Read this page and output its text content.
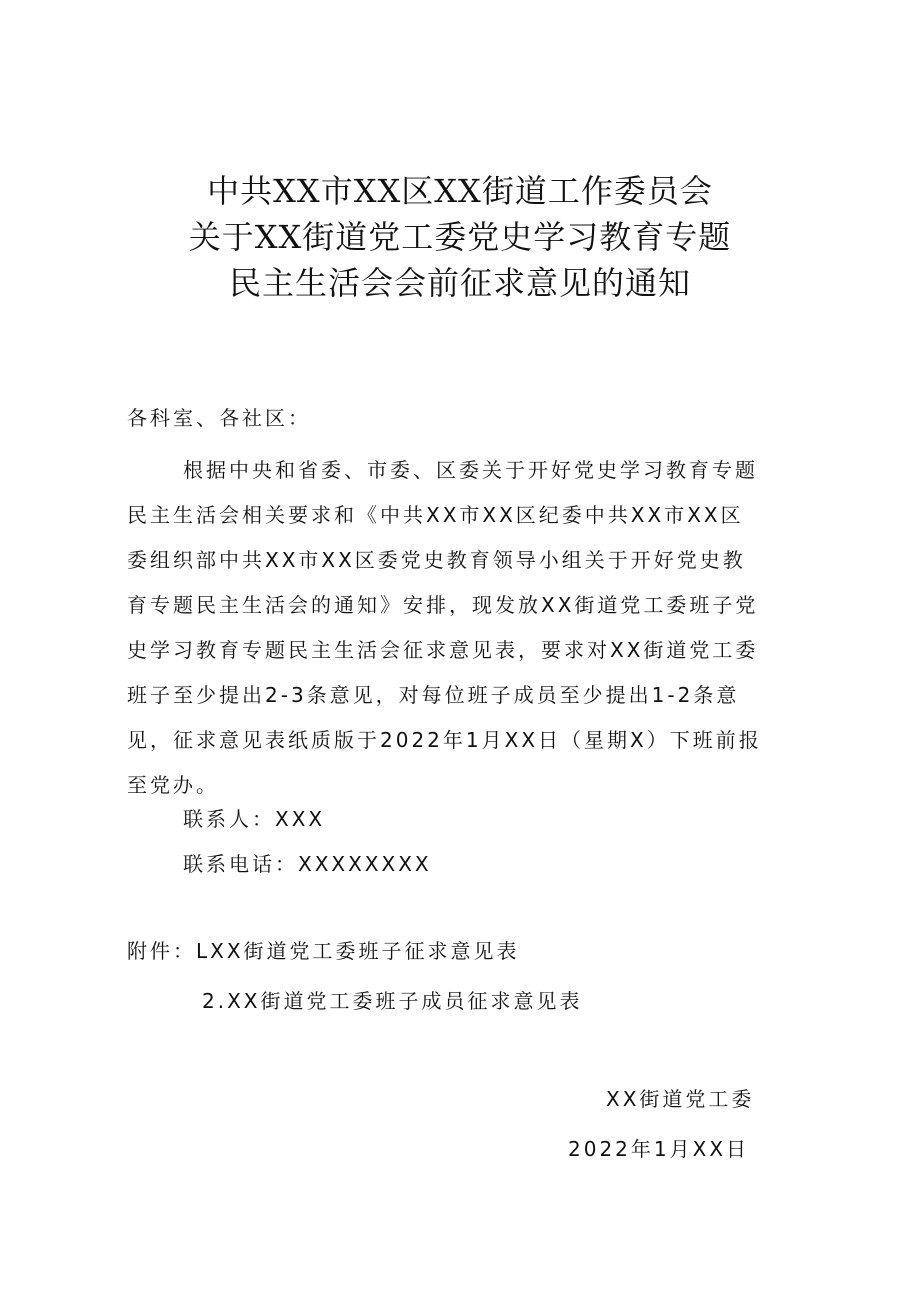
中共XX市XX区XX街道工作委员会
关于XX街道党工委党史学习教育专题
民主生活会会前征求意见的通知
各科室、各社区：
根据中央和省委、市委、区委关于开好党史学习教育专题
民主生活会相关要求和《中共XX市XX区纪委中共XX市XX区
委组织部中共XX市XX区委党史教育领导小组关于开好党史教
育专题民主生活会的通知》安排，现发放XX街道党工委班子党
史学习教育专题民主生活会征求意见表，要求对XX街道党工委
班子至少提出2-3条意见，对每位班子成员至少提出1-2条意
见，征求意见表纸质版于2022年1月XX日（星期X）下班前报
至党办。
联系人：XXX
联系电话：XXXXXXXX
附件：LXX街道党工委班子征求意见表
2.XX街道党工委班子成员征求意见表
XX街道党工委
2022年1月XX日
